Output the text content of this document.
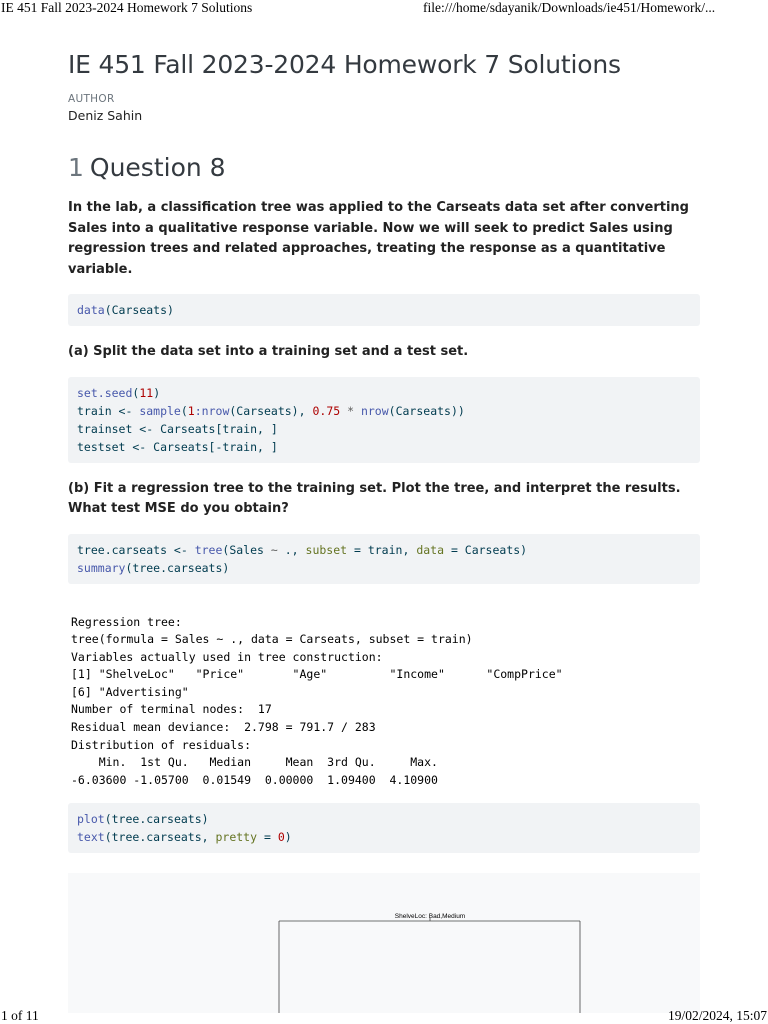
IE 451 Fall 2023-2024 Homework 7 Solutions	file:///home/sdayanik/Downloads/ie451/Homework/...
IE 451 Fall 2023-2024 Homework 7 Solutions
AUTHOR
Deniz Sahin
1 Question 8

In the lab, a classification tree was applied to the Carseats data set after converting Sales into a qualitative response variable. Now we will seek to predict Sales using regression trees and related approaches, treating the response as a quantitative variable.

data(Carseats)

(a) Split the data set into a training set and a test set.

set.seed(11)
train <- sample(1:nrow(Carseats), 0.75 * nrow(Carseats))
trainset <- Carseats[train, ]
testset <- Carseats[-train, ]

(b) Fit a regression tree to the training set. Plot the tree, and interpret the results. What test MSE do you obtain?

tree.carseats <- tree(Sales ~ ., subset = train, data = Carseats)
summary(tree.carseats)
Regression tree:
tree(formula = Sales ~ ., data = Carseats, subset = train)
Variables actually used in tree construction:
[1] "ShelveLoc"   "Price"       "Age"         "Income"      "CompPrice"
[6] "Advertising"
Number of terminal nodes:  17
Residual mean deviance:  2.798 = 791.7 / 283
Distribution of residuals:
Min.  1st Qu.   Median     Mean  3rd Qu.     Max.
-6.03600 -1.05700  0.01549  0.00000  1.09400  4.10900
plot(tree.carseats)
text(tree.carseats, pretty = 0)
ShelveLoc: Bad,Medium
1 of 11	19/02/2024, 15:07
